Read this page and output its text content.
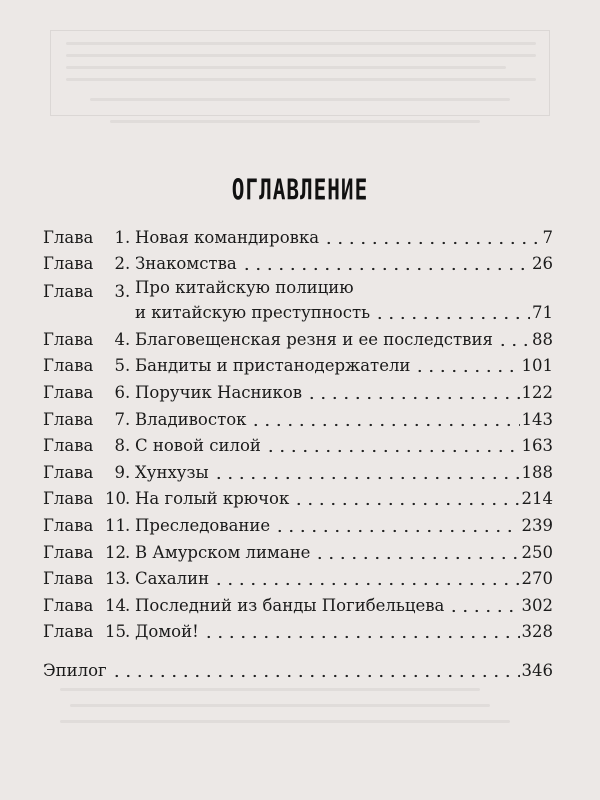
ОГЛАВЛЕНИЕ
Глава	1 . Новая командировка	7
Глава	2 . Знакомства	26
Глава	3 . Про китайскую полицию
и китайскую преступность	71
Глава	4 . Благовещенская резня и ее последствия 88
Глава	5 . Бандиты и пристанодержатели	101
Глава	6 . Поручик Насников	122
Глава	7 . Владивосток	143
Глава	8 . С новой силой	163
Глава	9 . Хунхузы	188
Глава 10 . На голый крючок	214
Глава 11 . Преследование	239
Глава 12 . В Амурском лимане	250
Глава 13 . Сахалин	270
Глава 14 . Последний из банды Погибельцева	302
Глава 15 . Домой!	328
Эпилог	346
